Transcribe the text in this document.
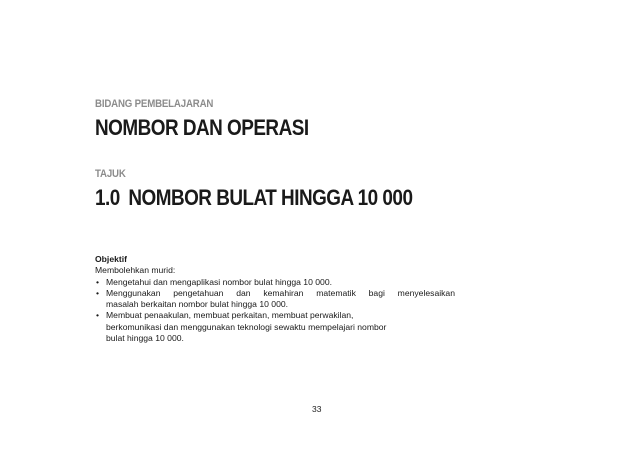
BIDANG PEMBELAJARAN
NOMBOR DAN OPERASI
TAJUK
1.0 NOMBOR BULAT HINGGA 10 000
Objektif
Membolehkan murid:
• Mengetahui dan mengaplikasi nombor bulat hingga 10 000.
• Menggunakan pengetahuan dan kemahiran matematik bagi menyelesaikan
masalah berkaitan nombor bulat hingga 10 000.
• Membuat penaakulan, membuat perkaitan, membuat perwakilan,
berkomunikasi dan menggunakan teknologi sewaktu mempelajari nombor
bulat hingga 10 000.
33
